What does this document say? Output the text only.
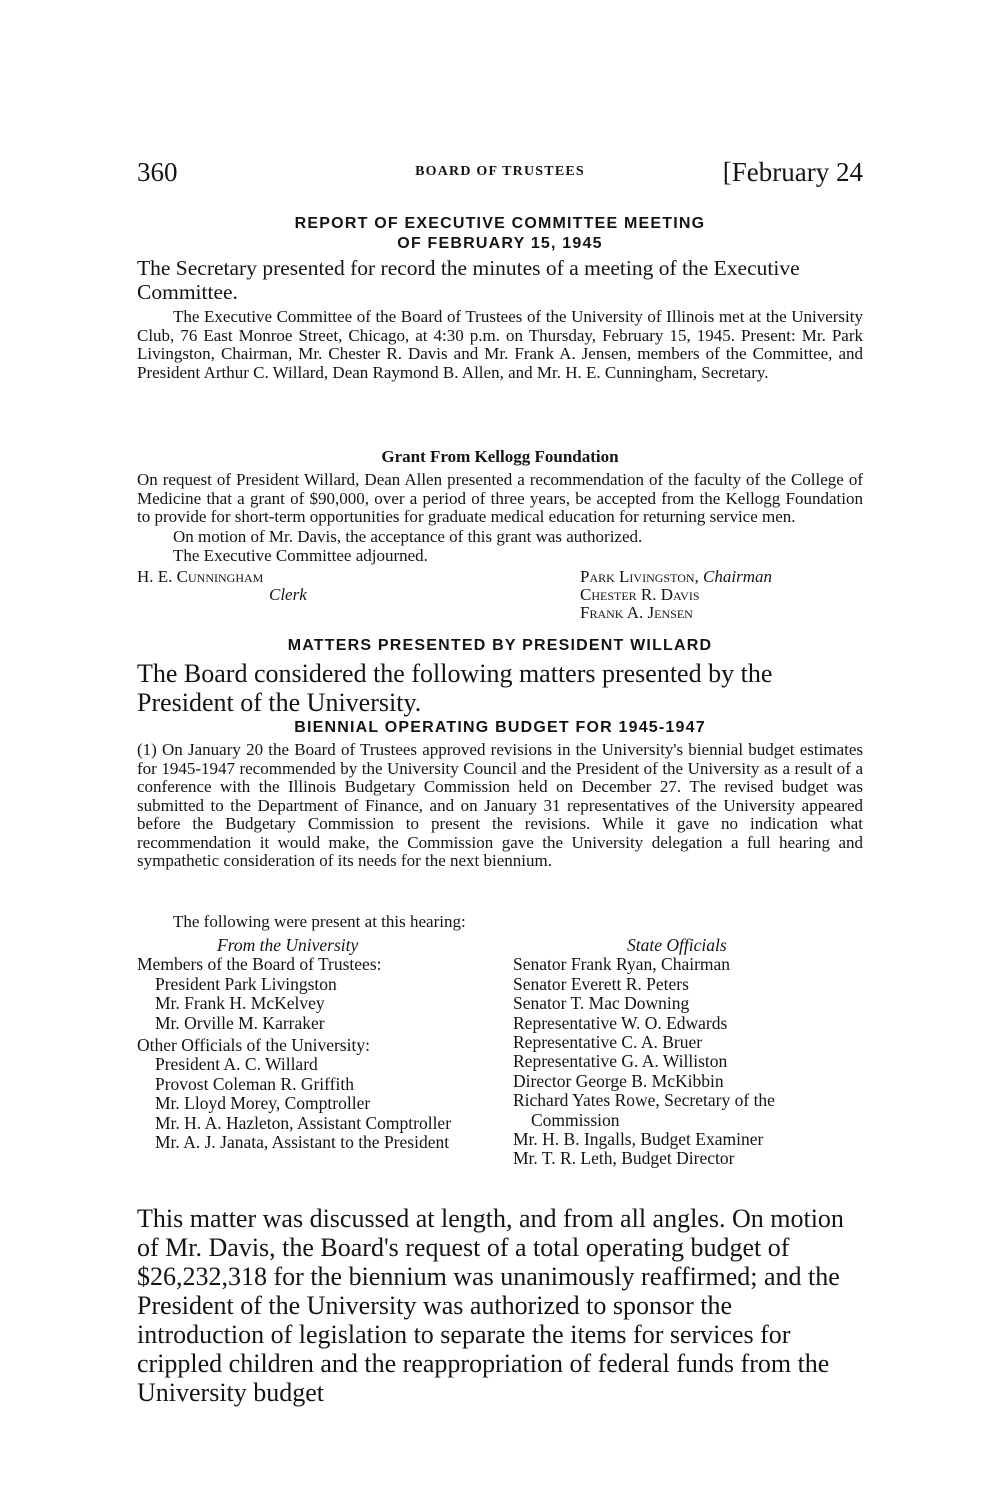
360	BOARD OF TRUSTEES	[February 24
REPORT OF EXECUTIVE COMMITTEE MEETING
OF FEBRUARY 15, 1945
The Secretary presented for record the minutes of a meeting of the Executive Committee.
The Executive Committee of the Board of Trustees of the University of Illinois met at the University Club, 76 East Monroe Street, Chicago, at 4:30 p.m. on Thursday, February 15, 1945. Present: Mr. Park Livingston, Chairman, Mr. Chester R. Davis and Mr. Frank A. Jensen, members of the Committee, and President Arthur C. Willard, Dean Raymond B. Allen, and Mr. H. E. Cunningham, Secretary.
Grant From Kellogg Foundation
On request of President Willard, Dean Allen presented a recommendation of the faculty of the College of Medicine that a grant of $90,000, over a period of three years, be accepted from the Kellogg Foundation to provide for short-term opportunities for graduate medical education for returning service men.
On motion of Mr. Davis, the acceptance of this grant was authorized.
The Executive Committee adjourned.
H. E. Cunningham
Clerk
Park Livingston, Chairman
Chester R. Davis
Frank A. Jensen
MATTERS PRESENTED BY PRESIDENT WILLARD
The Board considered the following matters presented by the President of the University.
BIENNIAL OPERATING BUDGET FOR 1945-1947
(1) On January 20 the Board of Trustees approved revisions in the University's biennial budget estimates for 1945-1947 recommended by the University Council and the President of the University as a result of a conference with the Illinois Budgetary Commission held on December 27. The revised budget was submitted to the Department of Finance, and on January 31 representatives of the University appeared before the Budgetary Commission to present the revisions. While it gave no indication what recommendation it would make, the Commission gave the University delegation a full hearing and sympathetic consideration of its needs for the next biennium.
The following were present at this hearing:
From the University
Members of the Board of Trustees:
President Park Livingston
Mr. Frank H. McKelvey
Mr. Orville M. Karraker
Other Officials of the University:
President A. C. Willard
Provost Coleman R. Griffith
Mr. Lloyd Morey, Comptroller
Mr. H. A. Hazleton, Assistant Comptroller
Mr. A. J. Janata, Assistant to the President
State Officials
Senator Frank Ryan, Chairman
Senator Everett R. Peters
Senator T. Mac Downing
Representative W. O. Edwards
Representative C. A. Bruer
Representative G. A. Williston
Director George B. McKibbin
Richard Yates Rowe, Secretary of the Commission
Mr. H. B. Ingalls, Budget Examiner
Mr. T. R. Leth, Budget Director
This matter was discussed at length, and from all angles. On motion of Mr. Davis, the Board's request of a total operating budget of $26,232,318 for the biennium was unanimously reaffirmed; and the President of the University was authorized to sponsor the introduction of legislation to separate the items for services for crippled children and the reappropriation of federal funds from the University budget
